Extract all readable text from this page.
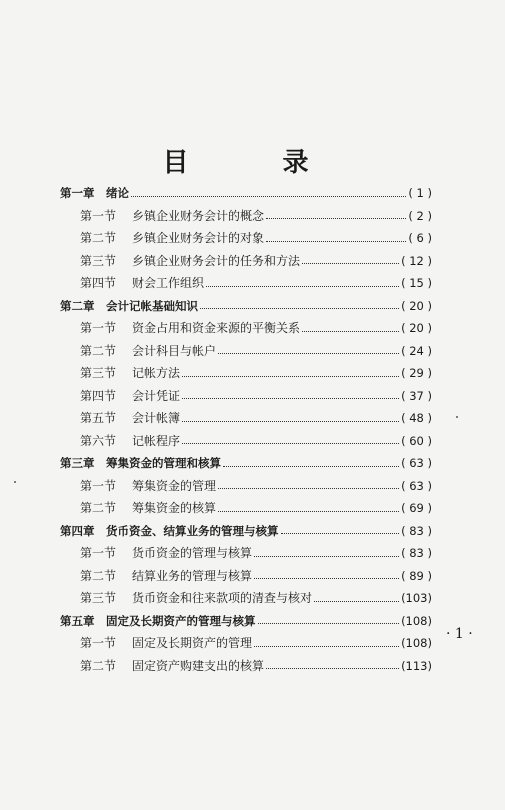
目　录
第一章	绪论	( 1 )
第一节	乡镇企业财务会计的概念	( 2 )
第二节	乡镇企业财务会计的对象	( 6 )
第三节	乡镇企业财务会计的任务和方法	( 12 )
第四节	财会工作组织	( 15 )
第二章	会计记帐基础知识	( 20 )
第一节	资金占用和资金来源的平衡关系	( 20 )
第二节	会计科目与帐户	( 24 )
第三节	记帐方法	( 29 )
第四节	会计凭证	( 37 )
第五节	会计帐簿	( 48 )
第六节	记帐程序	( 60 )
第三章	筹集资金的管理和核算	( 63 )
第一节	筹集资金的管理	( 63 )
第二节	筹集资金的核算	( 69 )
第四章	货币资金、结算业务的管理与核算	( 83 )
第一节	货币资金的管理与核算	( 83 )
第二节	结算业务的管理与核算	( 89 )
第三节	货币资金和往来款项的清查与核对	(103)
第五章	固定及长期资产的管理与核算	(108)
第一节	固定及长期资产的管理	(108)
第二节	固定资产购建支出的核算	(113)
· 1 ·
